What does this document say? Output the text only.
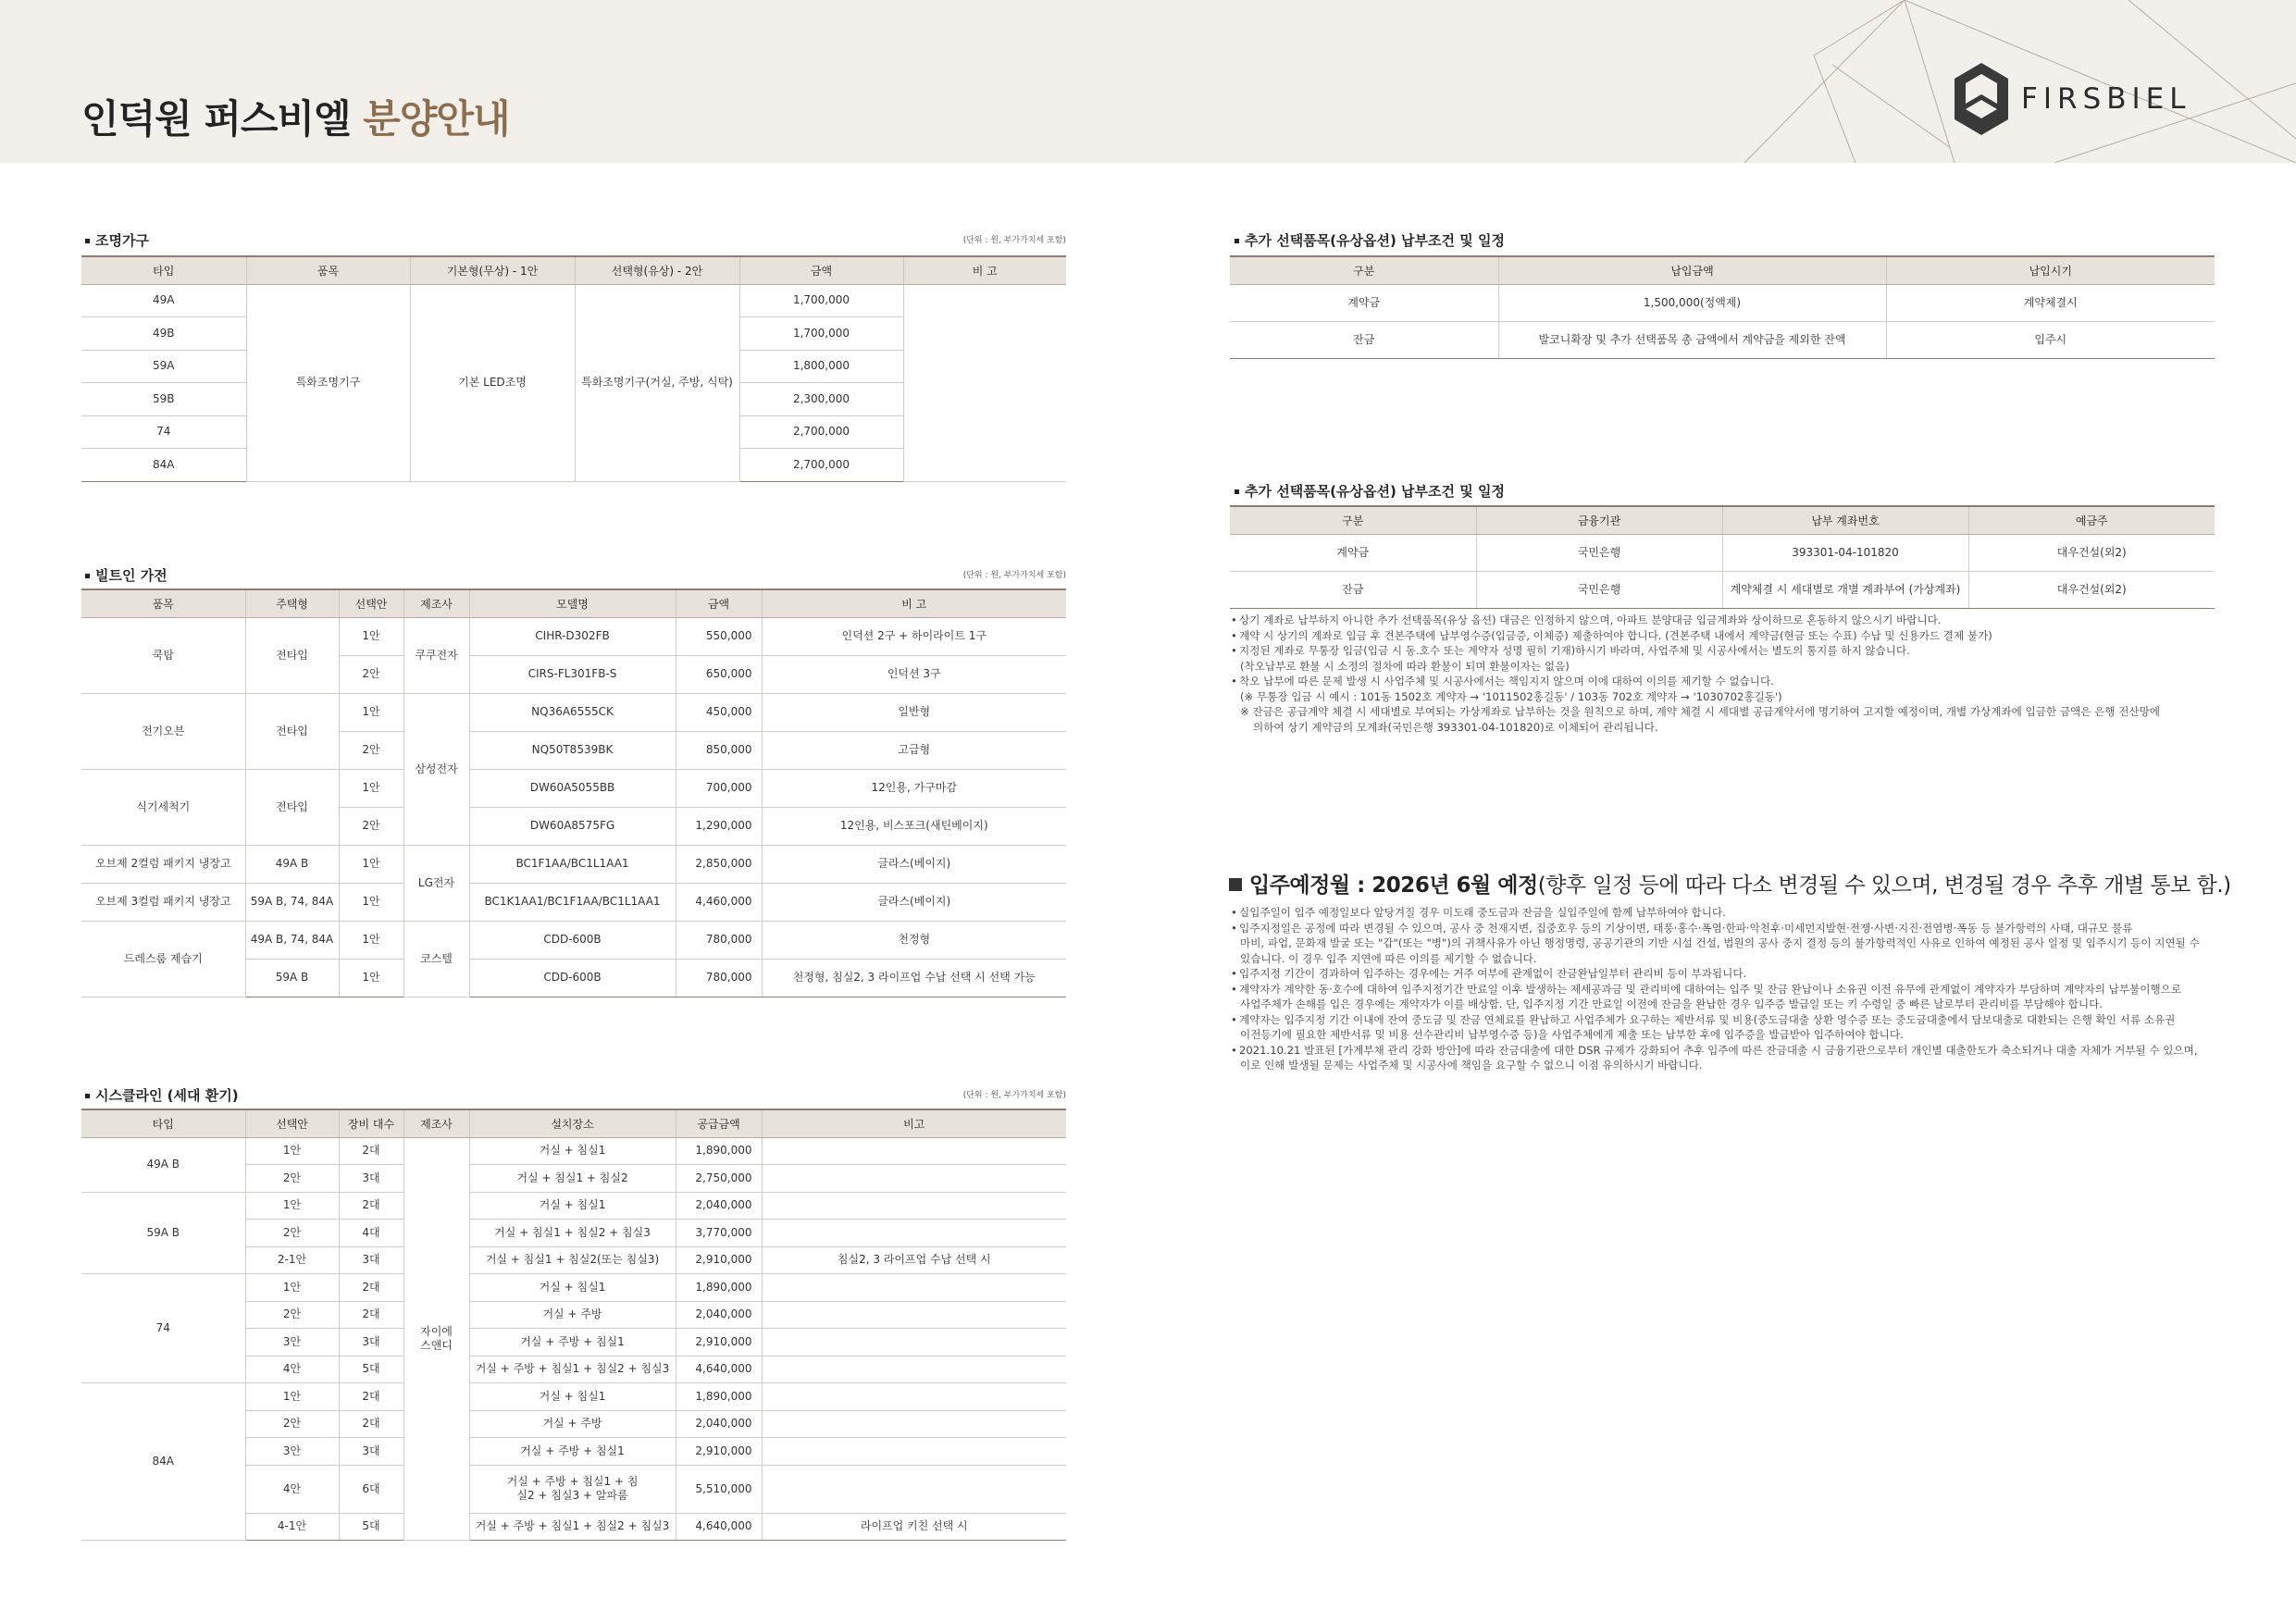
인덕원 퍼스비엘 분양안내	FIRSBIEL
조명가구	(단위 : 원, 부가가치세 포함)
타입	품목	기본형(무상) - 1안	선택형(유상) - 2안	금액	비 고
49A	특화조명기구	기본 LED조명	특화조명기구(거실, 주방, 식탁)	1,700,000	
49B				1,700,000	
59A				1,800,000	
59B				2,300,000	
74				2,700,000	
84A				2,700,000	
빌트인 가전	(단위 : 원, 부가가치세 포함)
품목	주택형	선택안	제조사	모델명	금액	비 고
쿡탑	전타입	1안	쿠쿠전자	CIHR-D302FB	550,000	인덕션 2구 + 하이라이트 1구
		2안		CIRS-FL301FB-S	650,000	인덕션 3구
전기오븐	전타입	1안	삼성전자	NQ36A6555CK	450,000	일반형
		2안		NQ50T8539BK	850,000	고급형
식기세척기	전타입	1안		DW60A5055BB	700,000	12인용, 가구마감
		2안		DW60A8575FG	1,290,000	12인용, 비스포크(새틴베이지)
오브제 2컬럼 패키지 냉장고	49A B	1안	LG전자	BC1F1AA/BC1L1AA1	2,850,000	글라스(베이지)
오브제 3컬럼 패키지 냉장고	59A B, 74, 84A	1안		BC1K1AA1/BC1F1AA/BC1L1AA1	4,460,000	글라스(베이지)
드레스룸 제습기	49A B, 74, 84A	1안	코스텔	CDD-600B	780,000	천정형
	59A B	1안		CDD-600B	780,000	천정형, 침실2, 3 라이프업 수납 선택 시 선택 가능
시스클라인 (세대 환기)	(단위 : 원, 부가가치세 포함)
타입	선택안	장비 대수	제조사	설치장소	공급금액	비고
49A B	1안	2대	자이에스앤디	거실 + 침실1	1,890,000	
	2안	3대		거실 + 침실1 + 침실2	2,750,000	
59A B	1안	2대		거실 + 침실1	2,040,000	
	2안	4대		거실 + 침실1 + 침실2 + 침실3	3,770,000	
	2-1안	3대		거실 + 침실1 + 침실2(또는 침실3)	2,910,000	침실2, 3 라이프업 수납 선택 시
74	1안	2대		거실 + 침실1	1,890,000	
	2안	2대		거실 + 주방	2,040,000	
	3안	3대		거실 + 주방 + 침실1	2,910,000	
	4안	5대		거실 + 주방 + 침실1 + 침실2 + 침실3	4,640,000	
84A	1안	2대		거실 + 침실1	1,890,000	
	2안	2대		거실 + 주방	2,040,000	
	3안	3대		거실 + 주방 + 침실1	2,910,000	
	4안	6대		거실 + 주방 + 침실1 + 침실2 + 침실3 + 알파룸	5,510,000	
	4-1안	5대		거실 + 주방 + 침실1 + 침실2 + 침실3	4,640,000	라이프업 키친 선택 시
추가 선택품목(유상옵션) 납부조건 및 일정
구분	납입금액	납입시기
계약금	1,500,000(정액제)	계약체결시
잔금	발코니확장 및 추가 선택품목 총 금액에서 계약금을 제외한 잔액	입주시
추가 선택품목(유상옵션) 납부조건 및 일정
구분	금융기관	납부 계좌번호	예금주
계약금	국민은행	393301-04-101820	대우건설(외2)
잔금	국민은행	계약체결 시 세대별로 개별 계좌부여 (가상계좌)	대우건설(외2)
• 상기 계좌로 납부하지 아니한 추가 선택품목(유상 옵션) 대금은 인정하지 않으며, 아파트 분양대금 입금계좌와 상이하므로 혼동하지 않으시기 바랍니다.
• 계약 시 상기의 계좌로 입금 후 견본주택에 납부영수증(입금증, 이체증) 제출하여야 합니다. (견본주택 내에서 계약금(현금 또는 수표) 수납 및 신용카드 결제 불가)
• 지정된 계좌로 무통장 입금(입금 시 동.호수 또는 계약자 성명 필히 기재)하시기 바라며, 사업주체 및 시공사에서는 별도의 통지를 하지 않습니다.
(착오납부로 환불 시 소정의 절차에 따라 환불이 되며 환불이자는 없음)
• 착오 납부에 따른 문제 발생 시 사업주체 및 시공사에서는 책임지지 않으며 이에 대하여 이의를 제기할 수 없습니다.
(※ 무통장 입금 시 예시 : 101동 1502호 계약자 → '1011502홍길동' / 103동 702호 계약자 → '1030702홍길동')
※ 잔금은 공급계약 체결 시 세대별로 부여되는 가상계좌로 납부하는 것을 원칙으로 하며, 계약 체결 시 세대별 공급계약서에 명기하여 고지할 예정이며, 개별 가상계좌에 입금한 금액은 은행 전산망에
의하여 상기 계약금의 모계좌(국민은행 393301-04-101820)로 이체되어 관리됩니다.
입주예정월 : 2026년 6월 예정(향후 일정 등에 따라 다소 변경될 수 있으며, 변경될 경우 추후 개별 통보 함.)
• 실입주일이 입주 예정일보다 앞당겨질 경우 미도래 중도금과 잔금을 실입주일에 함께 납부하여야 합니다.
• 입주지정일은 공정에 따라 변경될 수 있으며, 공사 중 천재지변, 집중호우 등의 기상이변, 태풍·홍수·폭염·한파·악천후·미세먼지발현·전쟁·사변·지진·전염병·폭동 등 불가항력의 사태, 대규모 물류
마비, 파업, 문화재 발굴 또는 "갑"(또는 "병")의 귀책사유가 아닌 행정명령, 공공기관의 기반 시설 건설, 법원의 공사 중지 결정 등의 불가항력적인 사유로 인하여 예정된 공사 일정 및 입주시기 등이 지연될 수
있습니다. 이 경우 입주 지연에 따른 이의를 제기할 수 없습니다.
• 입주지정 기간이 경과하여 입주하는 경우에는 거주 여부에 관계없이 잔금완납일부터 관리비 등이 부과됩니다.
• 계약자가 계약한 동·호수에 대하여 입주지정기간 만료일 이후 발생하는 제세공과금 및 관리비에 대하여는 입주 및 잔금 완납이나 소유권 이전 유무에 관계없이 계약자가 부담하며 계약자의 납부불이행으로
사업주체가 손해를 입은 경우에는 계약자가 이를 배상함. 단, 입주지정 기간 만료일 이전에 잔금을 완납한 경우 입주증 발급일 또는 키 수령일 중 빠른 날로부터 관리비를 부담해야 합니다.
• 계약자는 입주지정 기간 이내에 잔여 중도금 및 잔금 연체료를 완납하고 사업주체가 요구하는 제반서류 및 비용(중도금대출 상환 영수증 또는 중도금대출에서 담보대출로 대환되는 은행 확인 서류 소유권
이전등기에 필요한 제반서류 및 비용 선수관리비 납부영수증 등)을 사업주체에게 제출 또는 납부한 후에 입주증을 발급받아 입주하여야 합니다.
• 2021.10.21 발표된 [가계부채 관리 강화 방안]에 따라 잔금대출에 대한 DSR 규제가 강화되어 추후 입주에 따른 잔금대출 시 금융기관으로부터 개인별 대출한도가 축소되거나 대출 자체가 거부될 수 있으며,
이로 인해 발생될 문제는 사업주체 및 시공사에 책임을 요구할 수 없으니 이점 유의하시기 바랍니다.
